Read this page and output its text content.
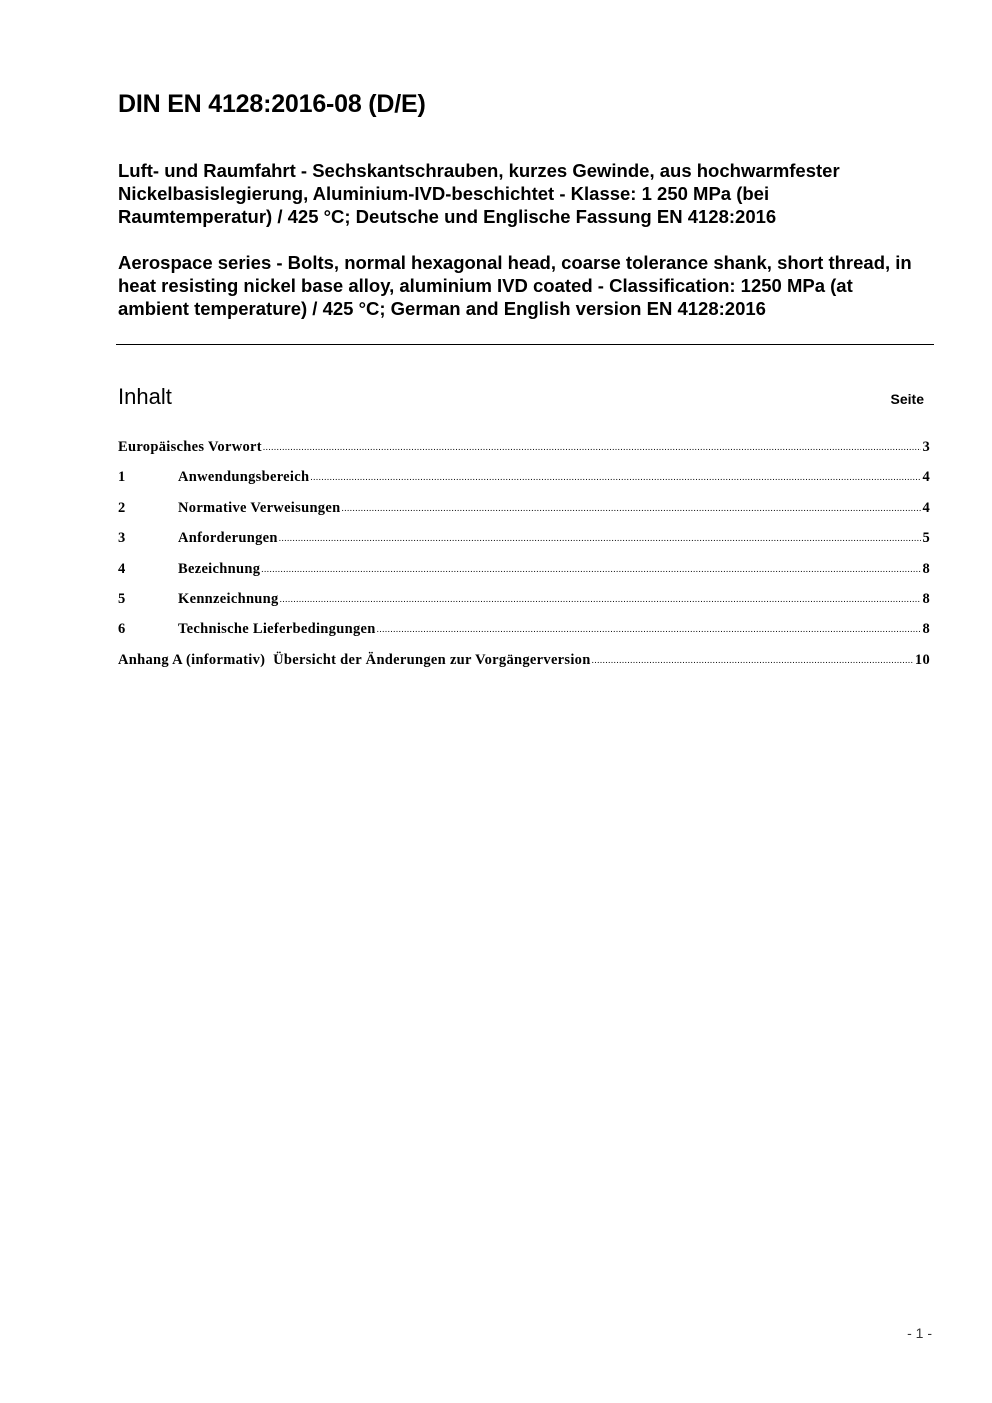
DIN EN 4128:2016-08 (D/E)
Luft- und Raumfahrt - Sechskantschrauben, kurzes Gewinde, aus hochwarmfester Nickelbasislegierung, Aluminium-IVD-beschichtet - Klasse: 1 250 MPa (bei Raumtemperatur) / 425 °C; Deutsche und Englische Fassung EN 4128:2016
Aerospace series - Bolts, normal hexagonal head, coarse tolerance shank, short thread, in heat resisting nickel base alloy, aluminium IVD coated - Classification: 1250 MPa (at ambient temperature) / 425 °C; German and English version EN 4128:2016
Inhalt	Seite
Europäisches Vorwort .....	3
1	Anwendungsbereich .....	4
2	Normative Verweisungen .....	4
3	Anforderungen .....	5
4	Bezeichnung .....	8
5	Kennzeichnung .....	8
6	Technische Lieferbedingungen .....	8
Anhang A (informativ)  Übersicht der Änderungen zur Vorgängerversion .....	10
- 1 -
